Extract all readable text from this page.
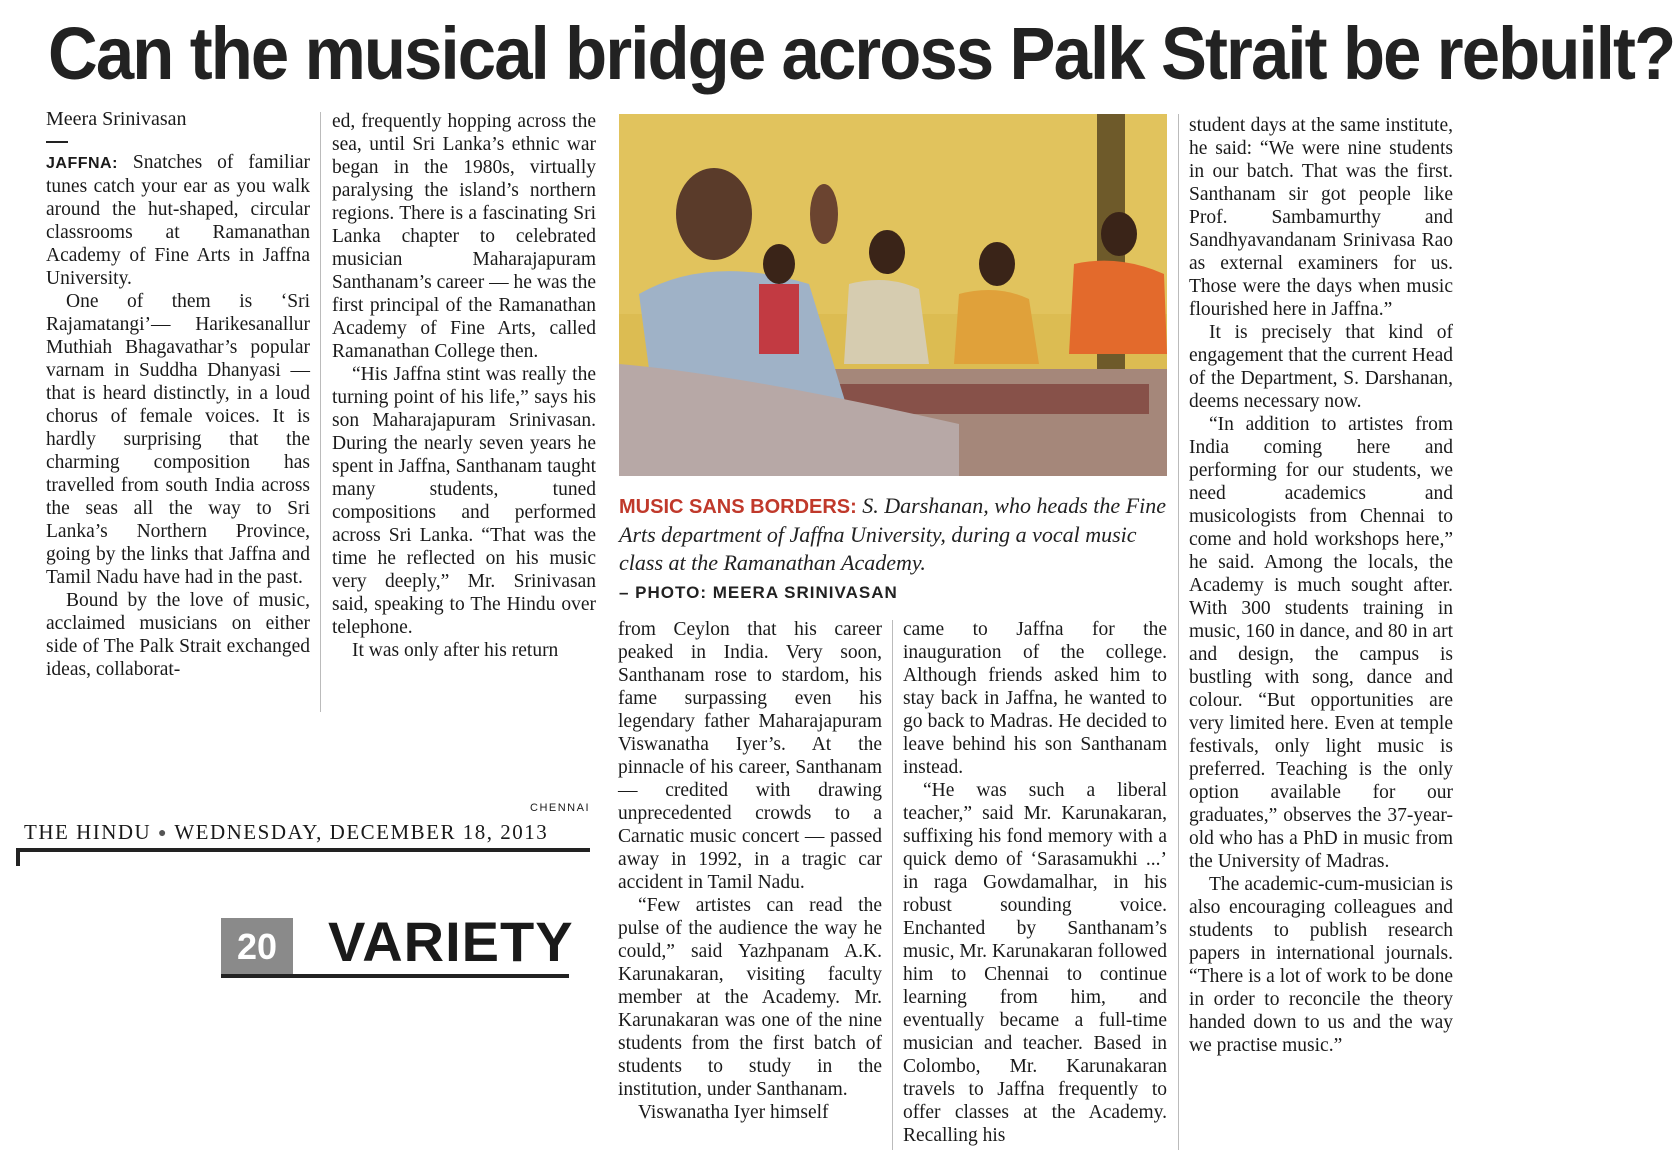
Can the musical bridge across Palk Strait be rebuilt?
Meera Srinivasan

JAFFNA: Snatches of familiar tunes catch your ear as you walk around the hut-shaped, circular classrooms at Ramanathan Academy of Fine Arts in Jaffna University.

One of them is ‘Sri Rajamatangi’— Harikesanallur Muthiah Bhagavathar’s popular varnam in Suddha Dhanyasi — that is heard distinctly, in a loud chorus of female voices. It is hardly surprising that the charming composition has travelled from south India across the seas all the way to Sri Lanka’s Northern Province, going by the links that Jaffna and Tamil Nadu have had in the past.

Bound by the love of music, acclaimed musicians on either side of The Palk Strait exchanged ideas, collaborat-

ed, frequently hopping across the sea, until Sri Lanka’s ethnic war began in the 1980s, virtually paralysing the island’s northern regions. There is a fascinating Sri Lanka chapter to celebrated musician Maharajapuram Santhanam’s career — he was the first principal of the Ramanathan Academy of Fine Arts, called Ramanathan College then.

“His Jaffna stint was really the turning point of his life,” says his son Maharajapuram Srinivasan. During the nearly seven years he spent in Jaffna, Santhanam taught many students, tuned compositions and performed across Sri Lanka. “That was the time he reflected on his music very deeply,” Mr. Srinivasan said, speaking to The Hindu over telephone.

It was only after his return

MUSIC SANS BORDERS: S. Darshanan, who heads the Fine Arts department of Jaffna University, during a vocal music class at the Ramanathan Academy.
– PHOTO: MEERA SRINIVASAN

from Ceylon that his career peaked in India. Very soon, Santhanam rose to stardom, his fame surpassing even his legendary father Maharajapuram Viswanatha Iyer’s. At the pinnacle of his career, Santhanam — credited with drawing unprecedented crowds to a Carnatic music concert — passed away in 1992, in a tragic car accident in Tamil Nadu.

“Few artistes can read the pulse of the audience the way he could,” said Yazhpanam A.K. Karunakaran, visiting faculty member at the Academy. Mr. Karunakaran was one of the nine students from the first batch of students to study in the institution, under Santhanam.

Viswanatha Iyer himself

came to Jaffna for the inauguration of the college. Although friends asked him to stay back in Jaffna, he wanted to go back to Madras. He decided to leave behind his son Santhanam instead.

“He was such a liberal teacher,” said Mr. Karunakaran, suffixing his fond memory with a quick demo of ‘Sarasamukhi ...’ in raga Gowdamalhar, in his robust sounding voice. Enchanted by Santhanam’s music, Mr. Karunakaran followed him to Chennai to continue learning from him, and eventually became a full-time musician and teacher. Based in Colombo, Mr. Karunakaran travels to Jaffna frequently to offer classes at the Academy. Recalling his

student days at the same institute, he said: “We were nine students in our batch. That was the first. Santhanam sir got people like Prof. Sambamurthy and Sandhyavandanam Srinivasa Rao as external examiners for us. Those were the days when music flourished here in Jaffna.”

It is precisely that kind of engagement that the current Head of the Department, S. Darshanan, deems necessary now.

“In addition to artistes from India coming here and performing for our students, we need academics and musicologists from Chennai to come and hold workshops here,” he said. Among the locals, the Academy is much sought after. With 300 students training in music, 160 in dance, and 80 in art and design, the campus is bustling with song, dance and colour. “But opportunities are very limited here. Even at temple festivals, only light music is preferred. Teaching is the only option available for our graduates,” observes the 37-year-old who has a PhD in music from the University of Madras.

The academic-cum-musician is also encouraging colleagues and students to publish research papers in international journals. “There is a lot of work to be done in order to reconcile the theory handed down to us and the way we practise music.”

CHENNAI
THE HINDU ● WEDNESDAY, DECEMBER 18, 2013
20 VARIETY
